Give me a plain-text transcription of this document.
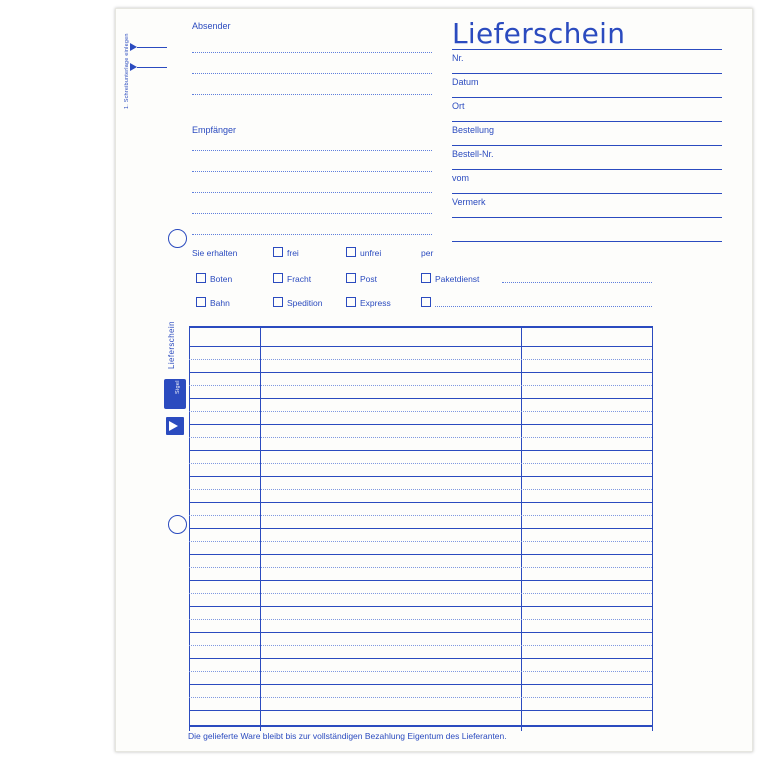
1. Schreibunterlage einlegen
Lieferschein
Sigel
Lieferschein
Absender
Empfänger
Nr.
Datum
Ort
Bestellung
Bestell-Nr.
vom
Vermerk
Sie erhalten	frei	unfrei	per
Boten	Fracht	Post	Paketdienst
Bahn	Spedition	Express
Die gelieferte Ware bleibt bis zur vollständigen Bezahlung Eigentum des Lieferanten.
